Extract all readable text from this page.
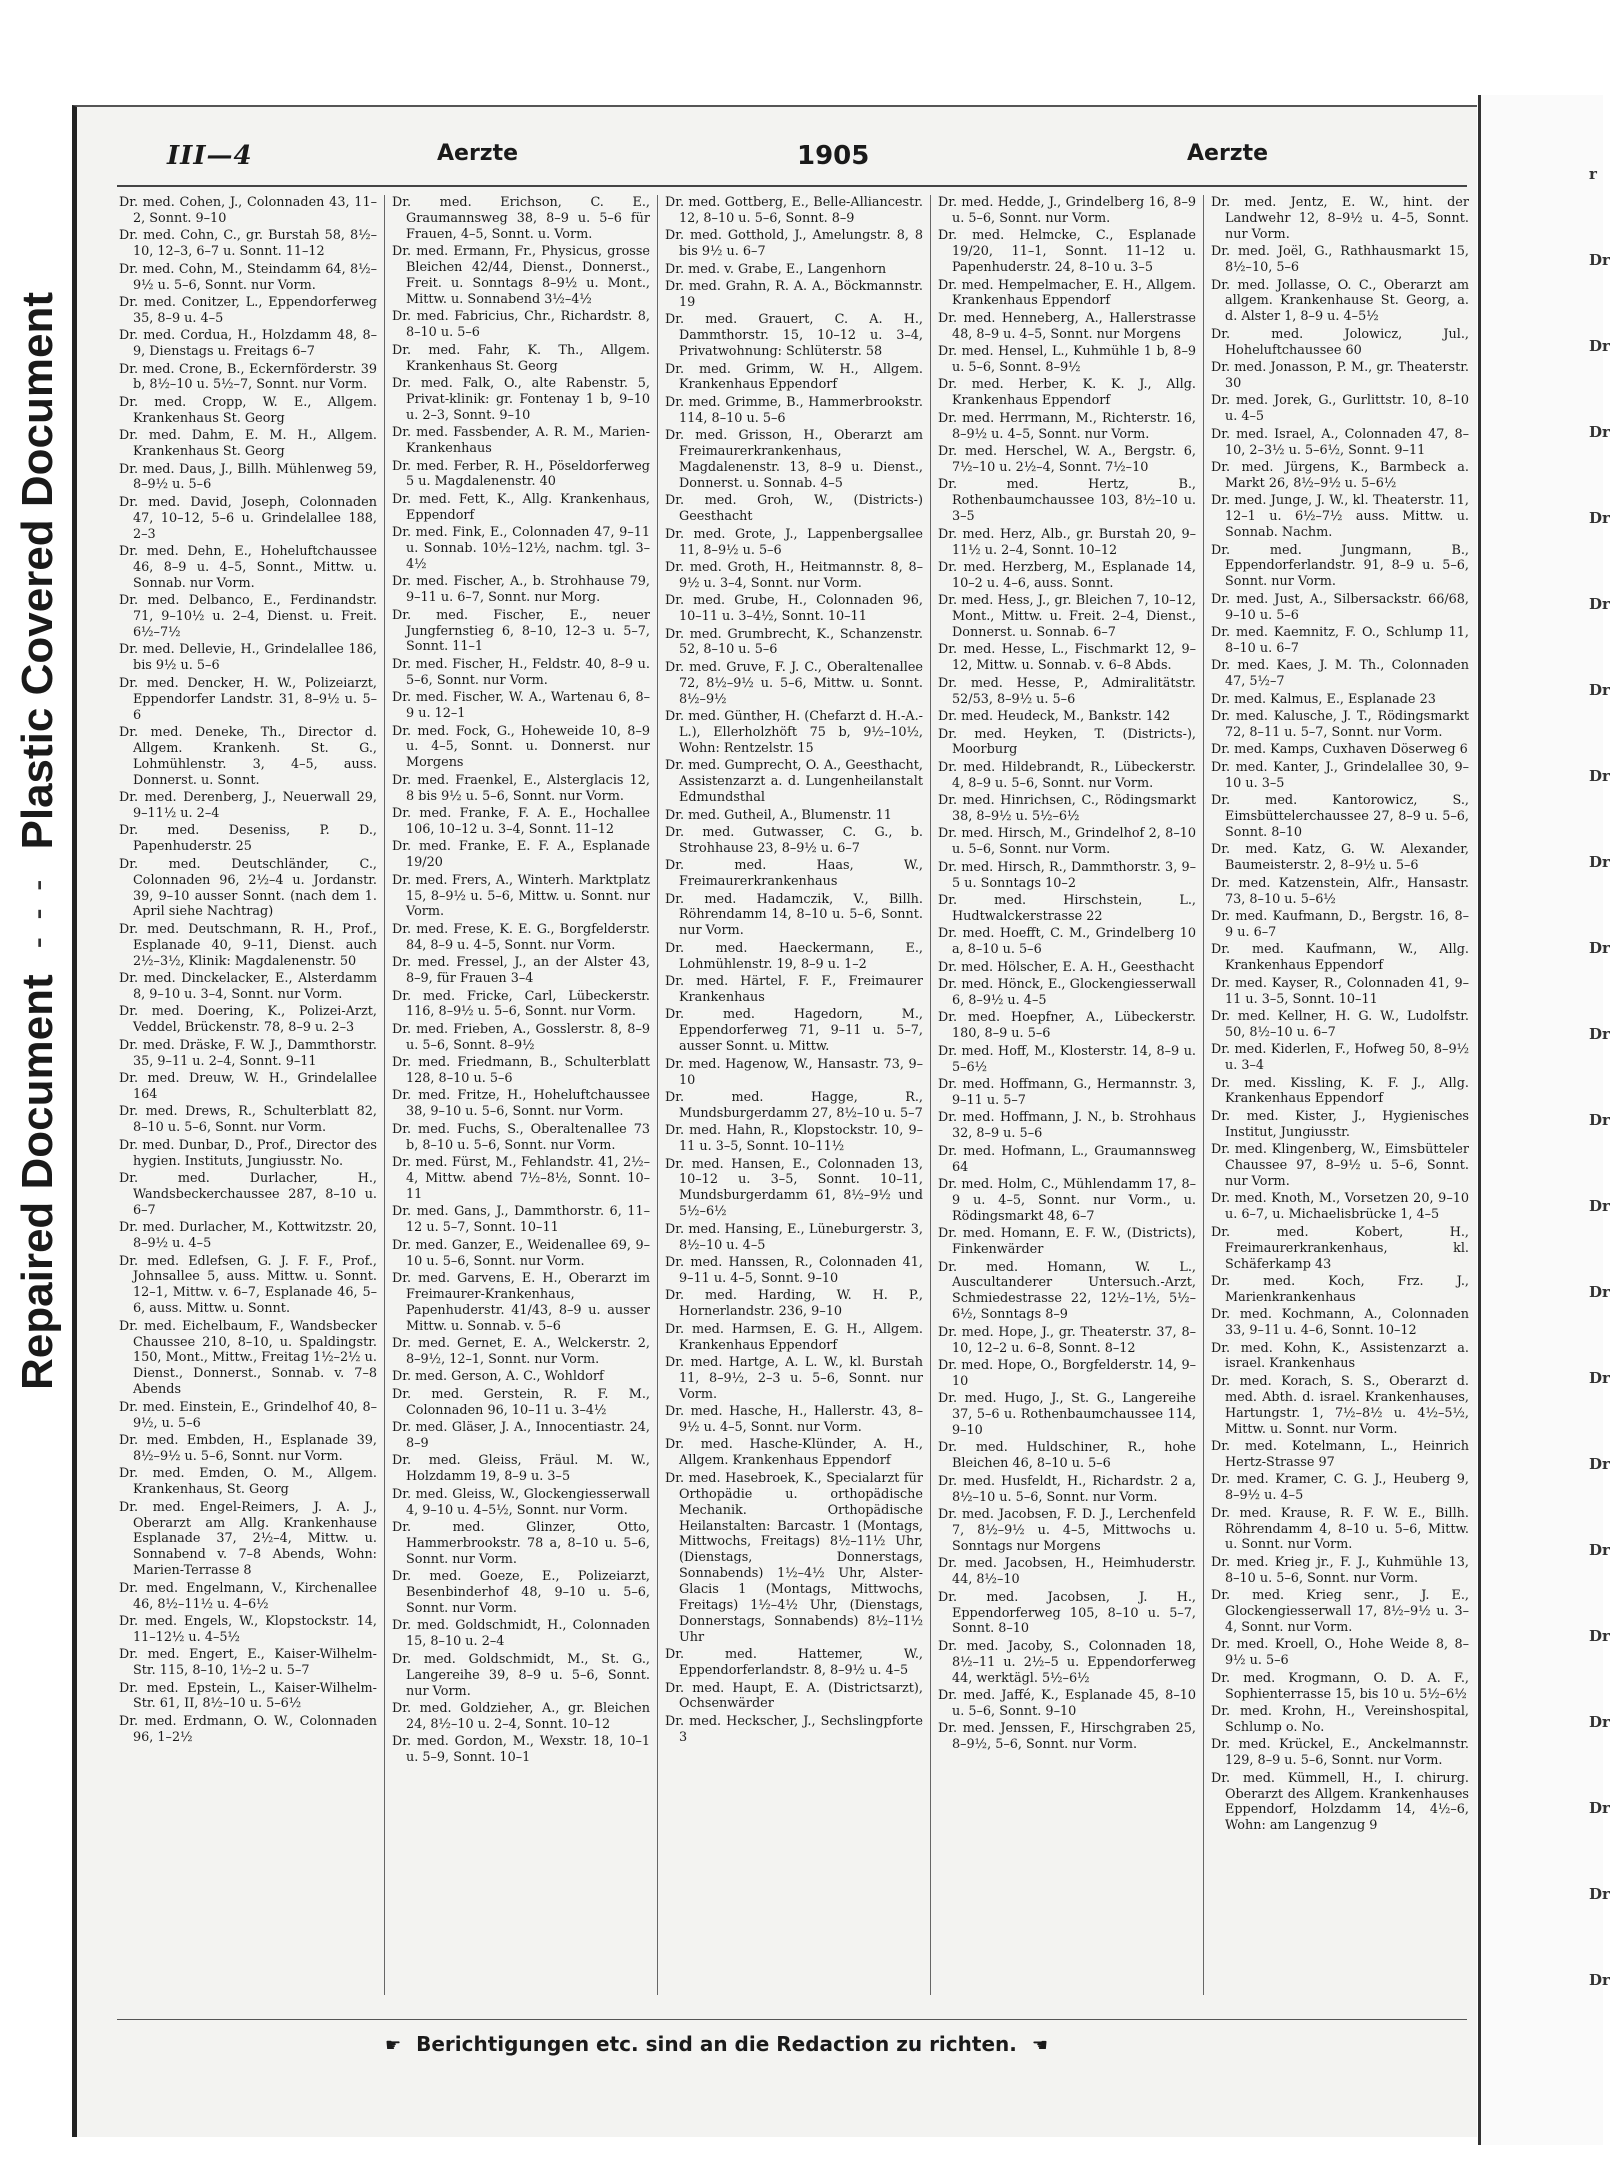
Repaired Document
- - -
Plastic Covered Document
r
Dr
Dr
Dr
Dr
Dr
Dr
Dr
Dr
Dr
Dr
Dr
Dr
Dr
Dr
Dr
Dr
Dr
Dr
Dr
Dr
Dr
III—4	Aerzte	1905	Aerzte

Dr. med. Cohen, J., Colonnaden 43, 11–2, Sonnt. 9–10

Dr. med. Cohn, C., gr. Burstah 58, 8½–10, 12–3, 6–7 u. Sonnt. 11–12

Dr. med. Cohn, M., Steindamm 64, 8½–9½ u. 5–6, Sonnt. nur Vorm.

Dr. med. Conitzer, L., Eppendorferweg 35, 8–9 u. 4–5

Dr. med. Cordua, H., Holzdamm 48, 8–9, Dienstags u. Freitags 6–7

Dr. med. Crone, B., Eckernförderstr. 39 b, 8½–10 u. 5½–7, Sonnt. nur Vorm.

Dr. med. Cropp, W. E., Allgem. Krankenhaus St. Georg

Dr. med. Dahm, E. M. H., Allgem. Krankenhaus St. Georg

Dr. med. Daus, J., Billh. Mühlenweg 59, 8–9½ u. 5–6

Dr. med. David, Joseph, Colonnaden 47, 10–12, 5–6 u. Grindelallee 188, 2–3

Dr. med. Dehn, E., Hoheluftchaussee 46, 8–9 u. 4–5, Sonnt., Mittw. u. Sonnab. nur Vorm.

Dr. med. Delbanco, E., Ferdinandstr. 71, 9–10½ u. 2–4, Dienst. u. Freit. 6½–7½

Dr. med. Dellevie, H., Grindelallee 186, bis 9½ u. 5–6

Dr. med. Dencker, H. W., Polizeiarzt, Eppendorfer Landstr. 31, 8–9½ u. 5–6

Dr. med. Deneke, Th., Director d. Allgem. Krankenh. St. G., Lohmühlenstr. 3, 4–5, auss. Donnerst. u. Sonnt.

Dr. med. Derenberg, J., Neuerwall 29, 9–11½ u. 2–4

Dr. med. Deseniss, P. D., Papenhuderstr. 25

Dr. med. Deutschländer, C., Colonnaden 96, 2½–4 u. Jordanstr. 39, 9–10 ausser Sonnt. (nach dem 1. April siehe Nachtrag)

Dr. med. Deutschmann, R. H., Prof., Esplanade 40, 9–11, Dienst. auch 2½–3½, Klinik: Magdalenenstr. 50

Dr. med. Dinckelacker, E., Alsterdamm 8, 9–10 u. 3–4, Sonnt. nur Vorm.

Dr. med. Doering, K., Polizei-Arzt, Veddel, Brückenstr. 78, 8–9 u. 2–3

Dr. med. Dräske, F. W. J., Dammthorstr. 35, 9–11 u. 2–4, Sonnt. 9–11

Dr. med. Dreuw, W. H., Grindelallee 164

Dr. med. Drews, R., Schulterblatt 82, 8–10 u. 5–6, Sonnt. nur Vorm.

Dr. med. Dunbar, D., Prof., Director des hygien. Instituts, Jungiusstr. No.

Dr. med. Durlacher, H., Wandsbeckerchaussee 287, 8–10 u. 6–7

Dr. med. Durlacher, M., Kottwitzstr. 20, 8–9½ u. 4–5

Dr. med. Edlefsen, G. J. F. F., Prof., Johnsallee 5, auss. Mittw. u. Sonnt. 12–1, Mittw. v. 6–7, Esplanade 46, 5–6, auss. Mittw. u. Sonnt.

Dr. med. Eichelbaum, F., Wandsbecker Chaussee 210, 8–10, u. Spaldingstr. 150, Mont., Mittw., Freitag 1½–2½ u. Dienst., Donnerst., Sonnab. v. 7–8 Abends

Dr. med. Einstein, E., Grindelhof 40, 8–9½, u. 5–6

Dr. med. Embden, H., Esplanade 39, 8½–9½ u. 5–6, Sonnt. nur Vorm.

Dr. med. Emden, O. M., Allgem. Krankenhaus, St. Georg

Dr. med. Engel-Reimers, J. A. J., Oberarzt am Allg. Krankenhause Esplanade 37, 2½–4, Mittw. u. Sonnabend v. 7–8 Abends, Wohn: Marien-Terrasse 8

Dr. med. Engelmann, V., Kirchenallee 46, 8½–11½ u. 4–6½

Dr. med. Engels, W., Klopstockstr. 14, 11–12½ u. 4–5½

Dr. med. Engert, E., Kaiser-Wilhelm-Str. 115, 8–10, 1½–2 u. 5–7

Dr. med. Epstein, L., Kaiser-Wilhelm-Str. 61, II, 8½–10 u. 5–6½

Dr. med. Erdmann, O. W., Colonnaden 96, 1–2½

Dr. med. Erichson, C. E., Graumannsweg 38, 8–9 u. 5–6 für Frauen, 4–5, Sonnt. u. Vorm.

Dr. med. Ermann, Fr., Physicus, grosse Bleichen 42/44, Dienst., Donnerst., Freit. u. Sonntags 8–9½ u. Mont., Mittw. u. Sonnabend 3½–4½

Dr. med. Fabricius, Chr., Richardstr. 8, 8–10 u. 5–6

Dr. med. Fahr, K. Th., Allgem. Krankenhaus St. Georg

Dr. med. Falk, O., alte Rabenstr. 5, Privat-klinik: gr. Fontenay 1 b, 9–10 u. 2–3, Sonnt. 9–10

Dr. med. Fassbender, A. R. M., Marien-Krankenhaus

Dr. med. Ferber, R. H., Pöseldorferweg 5 u. Magdalenenstr. 40

Dr. med. Fett, K., Allg. Krankenhaus, Eppendorf

Dr. med. Fink, E., Colonnaden 47, 9–11 u. Sonnab. 10½–12½, nachm. tgl. 3–4½

Dr. med. Fischer, A., b. Strohhause 79, 9–11 u. 6–7, Sonnt. nur Morg.

Dr. med. Fischer, E., neuer Jungfernstieg 6, 8–10, 12–3 u. 5–7, Sonnt. 11–1

Dr. med. Fischer, H., Feldstr. 40, 8–9 u. 5–6, Sonnt. nur Vorm.

Dr. med. Fischer, W. A., Wartenau 6, 8–9 u. 12–1

Dr. med. Fock, G., Hoheweide 10, 8–9 u. 4–5, Sonnt. u. Donnerst. nur Morgens

Dr. med. Fraenkel, E., Alsterglacis 12, 8 bis 9½ u. 5–6, Sonnt. nur Vorm.

Dr. med. Franke, F. A. E., Hochallee 106, 10–12 u. 3–4, Sonnt. 11–12

Dr. med. Franke, E. F. A., Esplanade 19/20

Dr. med. Frers, A., Winterh. Marktplatz 15, 8–9½ u. 5–6, Mittw. u. Sonnt. nur Vorm.

Dr. med. Frese, K. E. G., Borgfelderstr. 84, 8–9 u. 4–5, Sonnt. nur Vorm.

Dr. med. Fressel, J., an der Alster 43, 8–9, für Frauen 3–4

Dr. med. Fricke, Carl, Lübeckerstr. 116, 8–9½ u. 5–6, Sonnt. nur Vorm.

Dr. med. Frieben, A., Gosslerstr. 8, 8–9 u. 5–6, Sonnt. 8–9½

Dr. med. Friedmann, B., Schulterblatt 128, 8–10 u. 5–6

Dr. med. Fritze, H., Hoheluftchaussee 38, 9–10 u. 5–6, Sonnt. nur Vorm.

Dr. med. Fuchs, S., Oberaltenallee 73 b, 8–10 u. 5–6, Sonnt. nur Vorm.

Dr. med. Fürst, M., Fehlandstr. 41, 2½–4, Mittw. abend 7½–8½, Sonnt. 10–11

Dr. med. Gans, J., Dammthorstr. 6, 11–12 u. 5–7, Sonnt. 10–11

Dr. med. Ganzer, E., Weidenallee 69, 9–10 u. 5–6, Sonnt. nur Vorm.

Dr. med. Garvens, E. H., Oberarzt im Freimaurer-Krankenhaus, Papenhuderstr. 41/43, 8–9 u. ausser Mittw. u. Sonnab. v. 5–6

Dr. med. Gernet, E. A., Welckerstr. 2, 8–9½, 12–1, Sonnt. nur Vorm.

Dr. med. Gerson, A. C., Wohldorf

Dr. med. Gerstein, R. F. M., Colonnaden 96, 10–11 u. 3–4½

Dr. med. Gläser, J. A., Innocentiastr. 24, 8–9

Dr. med. Gleiss, Fräul. M. W., Holzdamm 19, 8–9 u. 3–5

Dr. med. Gleiss, W., Glockengiesserwall 4, 9–10 u. 4–5½, Sonnt. nur Vorm.

Dr. med. Glinzer, Otto, Hammerbrookstr. 78 a, 8–10 u. 5–6, Sonnt. nur Vorm.

Dr. med. Goeze, E., Polizeiarzt, Besenbinderhof 48, 9–10 u. 5–6, Sonnt. nur Vorm.

Dr. med. Goldschmidt, H., Colonnaden 15, 8–10 u. 2–4

Dr. med. Goldschmidt, M., St. G., Langereihe 39, 8–9 u. 5–6, Sonnt. nur Vorm.

Dr. med. Goldzieher, A., gr. Bleichen 24, 8½–10 u. 2–4, Sonnt. 10–12

Dr. med. Gordon, M., Wexstr. 18, 10–1 u. 5–9, Sonnt. 10–1

Dr. med. Gottberg, E., Belle-Alliancestr. 12, 8–10 u. 5–6, Sonnt. 8–9

Dr. med. Gotthold, J., Amelungstr. 8, 8 bis 9½ u. 6–7

Dr. med. v. Grabe, E., Langenhorn

Dr. med. Grahn, R. A. A., Böckmannstr. 19

Dr. med. Grauert, C. A. H., Dammthorstr. 15, 10–12 u. 3–4, Privatwohnung: Schlüterstr. 58

Dr. med. Grimm, W. H., Allgem. Krankenhaus Eppendorf

Dr. med. Grimme, B., Hammerbrookstr. 114, 8–10 u. 5–6

Dr. med. Grisson, H., Oberarzt am Freimaurerkrankenhaus, Magdalenenstr. 13, 8–9 u. Dienst., Donnerst. u. Sonnab. 4–5

Dr. med. Groh, W., (Districts-) Geesthacht

Dr. med. Grote, J., Lappenbergsallee 11, 8–9½ u. 5–6

Dr. med. Groth, H., Heitmannstr. 8, 8–9½ u. 3–4, Sonnt. nur Vorm.

Dr. med. Grube, H., Colonnaden 96, 10–11 u. 3–4½, Sonnt. 10–11

Dr. med. Grumbrecht, K., Schanzenstr. 52, 8–10 u. 5–6

Dr. med. Gruve, F. J. C., Oberaltenallee 72, 8½–9½ u. 5–6, Mittw. u. Sonnt. 8½–9½

Dr. med. Günther, H. (Chefarzt d. H.-A.-L.), Ellerholzhöft 75 b, 9½–10½, Wohn: Rentzelstr. 15

Dr. med. Gumprecht, O. A., Geesthacht, Assistenzarzt a. d. Lungenheilanstalt Edmundsthal

Dr. med. Gutheil, A., Blumenstr. 11

Dr. med. Gutwasser, C. G., b. Strohhause 23, 8–9½ u. 6–7

Dr. med. Haas, W., Freimaurerkrankenhaus

Dr. med. Hadamczik, V., Billh. Röhrendamm 14, 8–10 u. 5–6, Sonnt. nur Vorm.

Dr. med. Haeckermann, E., Lohmühlenstr. 19, 8–9 u. 1–2

Dr. med. Härtel, F. F., Freimaurer Krankenhaus

Dr. med. Hagedorn, M., Eppendorferweg 71, 9–11 u. 5–7, ausser Sonnt. u. Mittw.

Dr. med. Hagenow, W., Hansastr. 73, 9–10

Dr. med. Hagge, R., Mundsburgerdamm 27, 8½–10 u. 5–7

Dr. med. Hahn, R., Klopstockstr. 10, 9–11 u. 3–5, Sonnt. 10–11½

Dr. med. Hansen, E., Colonnaden 13, 10–12 u. 3–5, Sonnt. 10–11, Mundsburgerdamm 61, 8½–9½ und 5½–6½

Dr. med. Hansing, E., Lüneburgerstr. 3, 8½–10 u. 4–5

Dr. med. Hanssen, R., Colonnaden 41, 9–11 u. 4–5, Sonnt. 9–10

Dr. med. Harding, W. H. P., Hornerlandstr. 236, 9–10

Dr. med. Harmsen, E. G. H., Allgem. Krankenhaus Eppendorf

Dr. med. Hartge, A. L. W., kl. Burstah 11, 8–9½, 2–3 u. 5–6, Sonnt. nur Vorm.

Dr. med. Hasche, H., Hallerstr. 43, 8–9½ u. 4–5, Sonnt. nur Vorm.

Dr. med. Hasche-Klünder, A. H., Allgem. Krankenhaus Eppendorf

Dr. med. Hasebroek, K., Specialarzt für Orthopädie u. orthopädische Mechanik. Orthopädische Heilanstalten: Barcastr. 1 (Montags, Mittwochs, Freitags) 8½–11½ Uhr, (Dienstags, Donnerstags, Sonnabends) 1½–4½ Uhr, Alster-Glacis 1 (Montags, Mittwochs, Freitags) 1½–4½ Uhr, (Dienstags, Donnerstags, Sonnabends) 8½–11½ Uhr

Dr. med. Hattemer, W., Eppendorferlandstr. 8, 8–9½ u. 4–5

Dr. med. Haupt, E. A. (Districtsarzt), Ochsenwärder

Dr. med. Heckscher, J., Sechslingpforte 3

Dr. med. Hedde, J., Grindelberg 16, 8–9 u. 5–6, Sonnt. nur Vorm.

Dr. med. Helmcke, C., Esplanade 19/20, 11–1, Sonnt. 11–12 u. Papenhuderstr. 24, 8–10 u. 3–5

Dr. med. Hempelmacher, E. H., Allgem. Krankenhaus Eppendorf

Dr. med. Henneberg, A., Hallerstrasse 48, 8–9 u. 4–5, Sonnt. nur Morgens

Dr. med. Hensel, L., Kuhmühle 1 b, 8–9 u. 5–6, Sonnt. 8–9½

Dr. med. Herber, K. K. J., Allg. Krankenhaus Eppendorf

Dr. med. Herrmann, M., Richterstr. 16, 8–9½ u. 4–5, Sonnt. nur Vorm.

Dr. med. Herschel, W. A., Bergstr. 6, 7½–10 u. 2½–4, Sonnt. 7½–10

Dr. med. Hertz, B., Rothenbaumchaussee 103, 8½–10 u. 3–5

Dr. med. Herz, Alb., gr. Burstah 20, 9–11½ u. 2–4, Sonnt. 10–12

Dr. med. Herzberg, M., Esplanade 14, 10–2 u. 4–6, auss. Sonnt.

Dr. med. Hess, J., gr. Bleichen 7, 10–12, Mont., Mittw. u. Freit. 2–4, Dienst., Donnerst. u. Sonnab. 6–7

Dr. med. Hesse, L., Fischmarkt 12, 9–12, Mittw. u. Sonnab. v. 6–8 Abds.

Dr. med. Hesse, P., Admiralitätstr. 52/53, 8–9½ u. 5–6

Dr. med. Heudeck, M., Bankstr. 142

Dr. med. Heyken, T. (Districts-), Moorburg

Dr. med. Hildebrandt, R., Lübeckerstr. 4, 8–9 u. 5–6, Sonnt. nur Vorm.

Dr. med. Hinrichsen, C., Rödingsmarkt 38, 8–9½ u. 5½–6½

Dr. med. Hirsch, M., Grindelhof 2, 8–10 u. 5–6, Sonnt. nur Vorm.

Dr. med. Hirsch, R., Dammthorstr. 3, 9–5 u. Sonntags 10–2

Dr. med. Hirschstein, L., Hudtwalckerstrasse 22

Dr. med. Hoefft, C. M., Grindelberg 10 a, 8–10 u. 5–6

Dr. med. Hölscher, E. A. H., Geesthacht

Dr. med. Hönck, E., Glockengiesserwall 6, 8–9½ u. 4–5

Dr. med. Hoepfner, A., Lübeckerstr. 180, 8–9 u. 5–6

Dr. med. Hoff, M., Klosterstr. 14, 8–9 u. 5–6½

Dr. med. Hoffmann, G., Hermannstr. 3, 9–11 u. 5–7

Dr. med. Hoffmann, J. N., b. Strohhaus 32, 8–9 u. 5–6

Dr. med. Hofmann, L., Graumannsweg 64

Dr. med. Holm, C., Mühlendamm 17, 8–9 u. 4–5, Sonnt. nur Vorm., u. Rödingsmarkt 48, 6–7

Dr. med. Homann, E. F. W., (Districts), Finkenwärder

Dr. med. Homann, W. L., Auscultanderer Untersuch.-Arzt, Schmiedestrasse 22, 12½–1½, 5½–6½, Sonntags 8–9

Dr. med. Hope, J., gr. Theaterstr. 37, 8–10, 12–2 u. 6–8, Sonnt. 8–12

Dr. med. Hope, O., Borgfelderstr. 14, 9–10

Dr. med. Hugo, J., St. G., Langereihe 37, 5–6 u. Rothenbaumchaussee 114, 9–10

Dr. med. Huldschiner, R., hohe Bleichen 46, 8–10 u. 5–6

Dr. med. Husfeldt, H., Richardstr. 2 a, 8½–10 u. 5–6, Sonnt. nur Vorm.

Dr. med. Jacobsen, F. D. J., Lerchenfeld 7, 8½–9½ u. 4–5, Mittwochs u. Sonntags nur Morgens

Dr. med. Jacobsen, H., Heimhuderstr. 44, 8½–10

Dr. med. Jacobsen, J. H., Eppendorferweg 105, 8–10 u. 5–7, Sonnt. 8–10

Dr. med. Jacoby, S., Colonnaden 18, 8½–11 u. 2½–5 u. Eppendorferweg 44, werktägl. 5½–6½

Dr. med. Jaffé, K., Esplanade 45, 8–10 u. 5–6, Sonnt. 9–10

Dr. med. Jenssen, F., Hirschgraben 25, 8–9½, 5–6, Sonnt. nur Vorm.

Dr. med. Jentz, E. W., hint. der Landwehr 12, 8–9½ u. 4–5, Sonnt. nur Vorm.

Dr. med. Joël, G., Rathhausmarkt 15, 8½–10, 5–6

Dr. med. Jollasse, O. C., Oberarzt am allgem. Krankenhause St. Georg, a. d. Alster 1, 8–9 u. 4–5½

Dr. med. Jolowicz, Jul., Hoheluftchaussee 60

Dr. med. Jonasson, P. M., gr. Theaterstr. 30

Dr. med. Jorek, G., Gurlittstr. 10, 8–10 u. 4–5

Dr. med. Israel, A., Colonnaden 47, 8–10, 2–3½ u. 5–6½, Sonnt. 9–11

Dr. med. Jürgens, K., Barmbeck a. Markt 26, 8½–9½ u. 5–6½

Dr. med. Junge, J. W., kl. Theaterstr. 11, 12–1 u. 6½–7½ auss. Mittw. u. Sonnab. Nachm.

Dr. med. Jungmann, B., Eppendorferlandstr. 91, 8–9 u. 5–6, Sonnt. nur Vorm.

Dr. med. Just, A., Silbersackstr. 66/68, 9–10 u. 5–6

Dr. med. Kaemnitz, F. O., Schlump 11, 8–10 u. 6–7

Dr. med. Kaes, J. M. Th., Colonnaden 47, 5½–7

Dr. med. Kalmus, E., Esplanade 23

Dr. med. Kalusche, J. T., Rödingsmarkt 72, 8–11 u. 5–7, Sonnt. nur Vorm.

Dr. med. Kamps, Cuxhaven Döserweg 6

Dr. med. Kanter, J., Grindelallee 30, 9–10 u. 3–5

Dr. med. Kantorowicz, S., Eimsbüttelerchaussee 27, 8–9 u. 5–6, Sonnt. 8–10

Dr. med. Katz, G. W. Alexander, Baumeisterstr. 2, 8–9½ u. 5–6

Dr. med. Katzenstein, Alfr., Hansastr. 73, 8–10 u. 5–6½

Dr. med. Kaufmann, D., Bergstr. 16, 8–9 u. 6–7

Dr. med. Kaufmann, W., Allg. Krankenhaus Eppendorf

Dr. med. Kayser, R., Colonnaden 41, 9–11 u. 3–5, Sonnt. 10–11

Dr. med. Kellner, H. G. W., Ludolfstr. 50, 8½–10 u. 6–7

Dr. med. Kiderlen, F., Hofweg 50, 8–9½ u. 3–4

Dr. med. Kissling, K. F. J., Allg. Krankenhaus Eppendorf

Dr. med. Kister, J., Hygienisches Institut, Jungiusstr.

Dr. med. Klingenberg, W., Eimsbütteler Chaussee 97, 8–9½ u. 5–6, Sonnt. nur Vorm.

Dr. med. Knoth, M., Vorsetzen 20, 9–10 u. 6–7, u. Michaelisbrücke 1, 4–5

Dr. med. Kobert, H., Freimaurerkrankenhaus, kl. Schäferkamp 43

Dr. med. Koch, Frz. J., Marienkrankenhaus

Dr. med. Kochmann, A., Colonnaden 33, 9–11 u. 4–6, Sonnt. 10–12

Dr. med. Kohn, K., Assistenzarzt a. israel. Krankenhaus

Dr. med. Korach, S. S., Oberarzt d. med. Abth. d. israel. Krankenhauses, Hartungstr. 1, 7½–8½ u. 4½–5½, Mittw. u. Sonnt. nur Vorm.

Dr. med. Kotelmann, L., Heinrich Hertz-Strasse 97

Dr. med. Kramer, C. G. J., Heuberg 9, 8–9½ u. 4–5

Dr. med. Krause, R. F. W. E., Billh. Röhrendamm 4, 8–10 u. 5–6, Mittw. u. Sonnt. nur Vorm.

Dr. med. Krieg jr., F. J., Kuhmühle 13, 8–10 u. 5–6, Sonnt. nur Vorm.

Dr. med. Krieg senr., J. E., Glockengiesserwall 17, 8½–9½ u. 3–4, Sonnt. nur Vorm.

Dr. med. Kroell, O., Hohe Weide 8, 8–9½ u. 5–6

Dr. med. Krogmann, O. D. A. F., Sophienterrasse 15, bis 10 u. 5½–6½

Dr. med. Krohn, H., Vereinshospital, Schlump o. No.

Dr. med. Krückel, E., Anckelmannstr. 129, 8–9 u. 5–6, Sonnt. nur Vorm.

Dr. med. Kümmell, H., I. chirurg. Oberarzt des Allgem. Krankenhauses Eppendorf, Holzdamm 14, 4½–6, Wohn: am Langenzug 9

☛ Berichtigungen etc. sind an die Redaction zu richten. ☚
